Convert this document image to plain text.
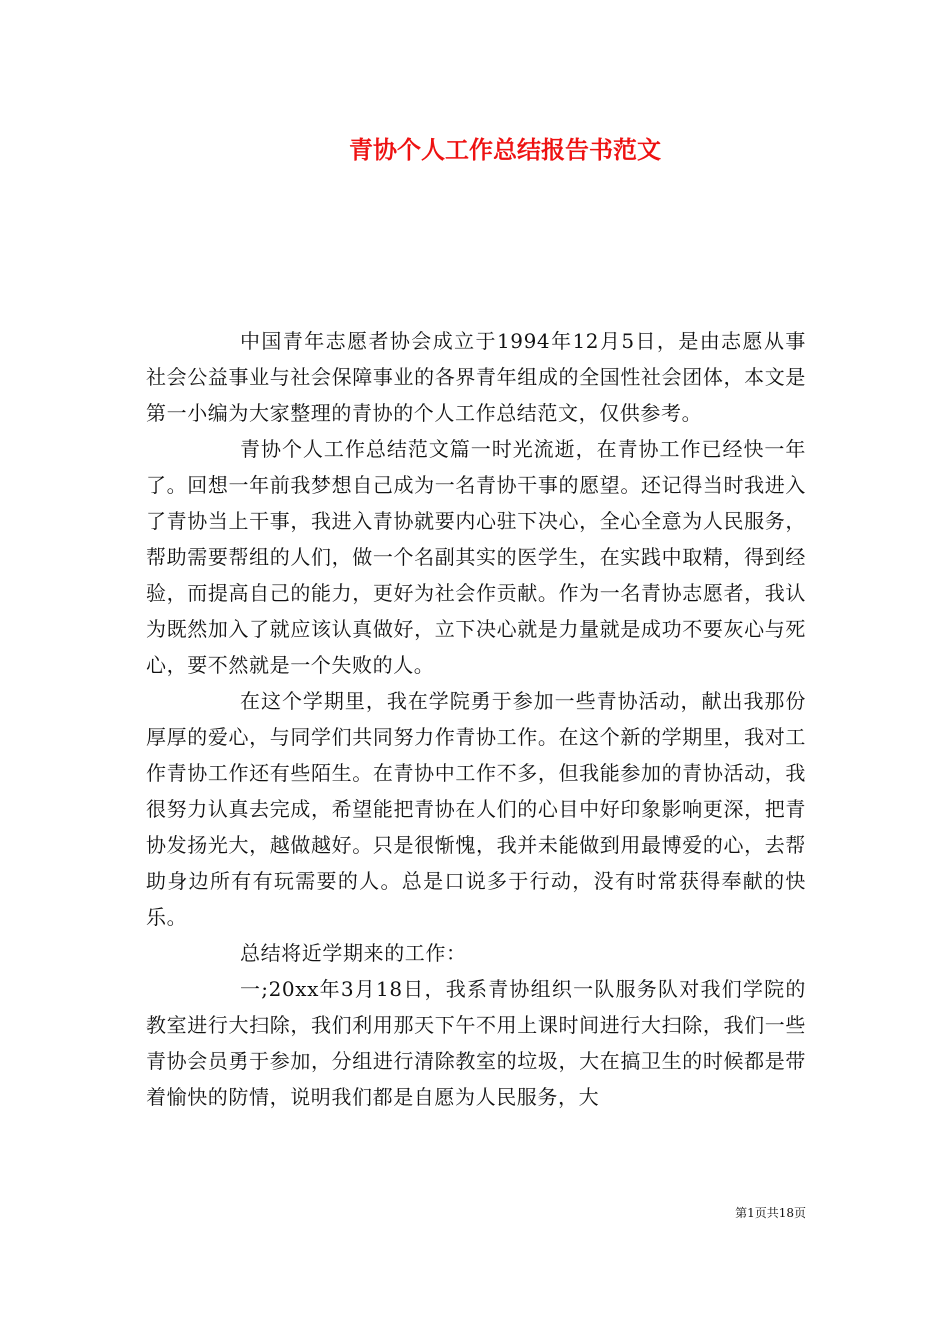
青协个人工作总结报告书范文

中国青年志愿者协会成立于1994年12月5日，是由志愿从事社会公益事业与社会保障事业的各界青年组成的全国性社会团体，本文是第一小编为大家整理的青协的个人工作总结范文，仅供参考。

青协个人工作总结范文篇一时光流逝，在青协工作已经快一年了。回想一年前我梦想自己成为一名青协干事的愿望。还记得当时我进入了青协当上干事，我进入青协就要内心驻下决心，全心全意为人民服务，帮助需要帮组的人们，做一个名副其实的医学生，在实践中取精，得到经验，而提高自己的能力，更好为社会作贡献。作为一名青协志愿者，我认为既然加入了就应该认真做好，立下决心就是力量就是成功不要灰心与死心，要不然就是一个失败的人。

在这个学期里，我在学院勇于参加一些青协活动，献出我那份厚厚的爱心，与同学们共同努力作青协工作。在这个新的学期里，我对工作青协工作还有些陌生。在青协中工作不多，但我能参加的青协活动，我很努力认真去完成，希望能把青协在人们的心目中好印象影响更深，把青协发扬光大，越做越好。只是很惭愧，我并未能做到用最博爱的心，去帮助身边所有有玩需要的人。总是口说多于行动，没有时常获得奉献的快乐。

总结将近学期来的工作：

一;20xx年3月18日，我系青协组织一队服务队对我们学院的教室进行大扫除，我们利用那天下午不用上课时间进行大扫除，我们一些青协会员勇于参加，分组进行清除教室的垃圾，大在搞卫生的时候都是带着愉快的防情，说明我们都是自愿为人民服务，大

第1页共18页
